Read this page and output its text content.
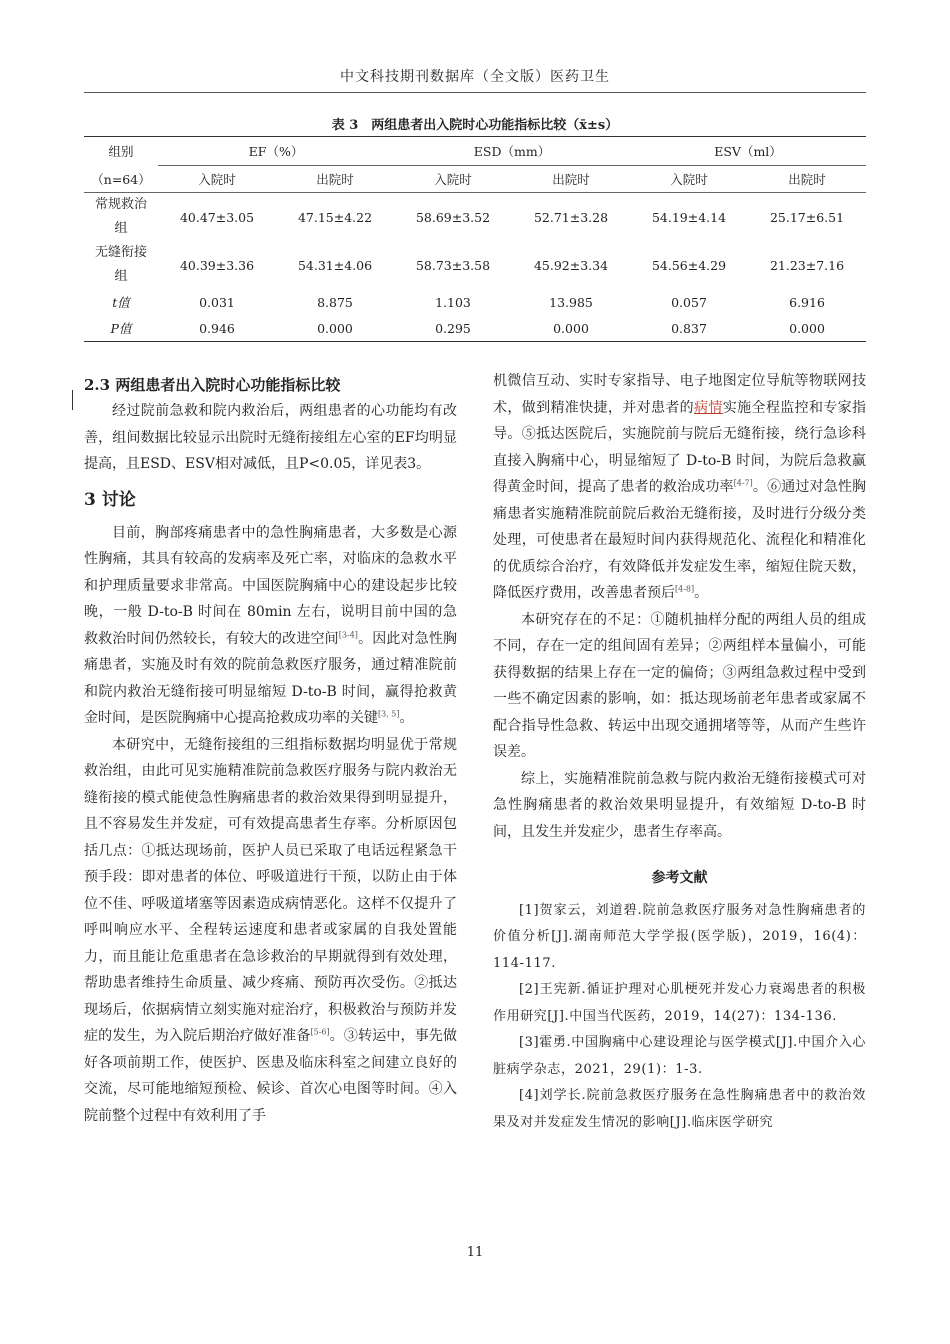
中文科技期刊数据库（全文版）医药卫生
表 3　两组患者出入院时心功能指标比较（x̄±s）
组别	EF（%）		ESD（mm）		ESV（ml）	
（n=64）	入院时	出院时	入院时	出院时	入院时	出院时

常规救治
组	40.47±3.05	47.15±4.22	58.69±3.52	52.71±3.28	54.19±4.14	25.17±6.51

无缝衔接
组	40.39±3.36	54.31±4.06	58.73±3.58	45.92±3.34	54.56±4.29	21.23±7.16
t值	0.031	8.875	1.103	13.985	0.057	6.916
P值	0.946	0.000	0.295	0.000	0.837	0.000
2.3 两组患者出入院时心功能指标比较

经过院前急救和院内救治后，两组患者的心功能均有改善，组间数据比较显示出院时无缝衔接组左心室的EF均明显提高，且ESD、ESV相对减低，且P<0.05，详见表3。

3 讨论

目前，胸部疼痛患者中的急性胸痛患者，大多数是心源性胸痛，其具有较高的发病率及死亡率，对临床的急救水平和护理质量要求非常高。中国医院胸痛中心的建设起步比较晚，一般 D-to-B 时间在 80min 左右，说明目前中国的急救救治时间仍然较长，有较大的改进空间[3-4]。因此对急性胸痛患者，实施及时有效的院前急救医疗服务，通过精准院前和院内救治无缝衔接可明显缩短 D-to-B 时间，赢得抢救黄金时间，是医院胸痛中心提高抢救成功率的关键[3, 5]。

本研究中，无缝衔接组的三组指标数据均明显优于常规救治组，由此可见实施精准院前急救医疗服务与院内救治无缝衔接的模式能使急性胸痛患者的救治效果得到明显提升，且不容易发生并发症，可有效提高患者生存率。分析原因包括几点：①抵达现场前，医护人员已采取了电话远程紧急干预手段：即对患者的体位、呼吸道进行干预，以防止由于体位不佳、呼吸道堵塞等因素造成病情恶化。这样不仅提升了呼叫响应水平、全程转运速度和患者或家属的自我处置能力，而且能让危重患者在急诊救治的早期就得到有效处理，帮助患者维持生命质量、减少疼痛、预防再次受伤。②抵达现场后，依据病情立刻实施对症治疗，积极救治与预防并发症的发生，为入院后期治疗做好准备[5-6]。③转运中，事先做好各项前期工作，使医护、医患及临床科室之间建立良好的交流，尽可能地缩短预检、候诊、首次心电图等时间。④入院前整个过程中有效利用了手

机微信互动、实时专家指导、电子地图定位导航等物联网技术，做到精准快捷，并对患者的病情实施全程监控和专家指导。⑤抵达医院后，实施院前与院后无缝衔接，绕行急诊科直接入胸痛中心，明显缩短了 D-to-B 时间，为院后急救赢得黄金时间，提高了患者的救治成功率[4-7]。⑥通过对急性胸痛患者实施精准院前院后救治无缝衔接，及时进行分级分类处理，可使患者在最短时间内获得规范化、流程化和精准化的优质综合治疗，有效降低并发症发生率，缩短住院天数，降低医疗费用，改善患者预后[4-8]。

本研究存在的不足：①随机抽样分配的两组人员的组成不同，存在一定的组间固有差异；②两组样本量偏小，可能获得数据的结果上存在一定的偏倚；③两组急救过程中受到一些不确定因素的影响，如：抵达现场前老年患者或家属不配合指导性急救、转运中出现交通拥堵等等，从而产生些许误差。

综上，实施精准院前急救与院内救治无缝衔接模式可对急性胸痛患者的救治效果明显提升，有效缩短 D-to-B 时间，且发生并发症少，患者生存率高。

参考文献

[1]贺家云，刘道碧.院前急救医疗服务对急性胸痛患者的价值分析[J].湖南师范大学学报(医学版)，2019，16(4)：114-117.

[2]王宪新.循证护理对心肌梗死并发心力衰竭患者的积极作用研究[J].中国当代医药，2019，14(27)：134-136.

[3]霍勇.中国胸痛中心建设理论与医学模式[J].中国介入心脏病学杂志，2021，29(1)：1-3.

[4]刘学长.院前急救医疗服务在急性胸痛患者中的救治效果及对并发症发生情况的影响[J].临床医学研究

11
